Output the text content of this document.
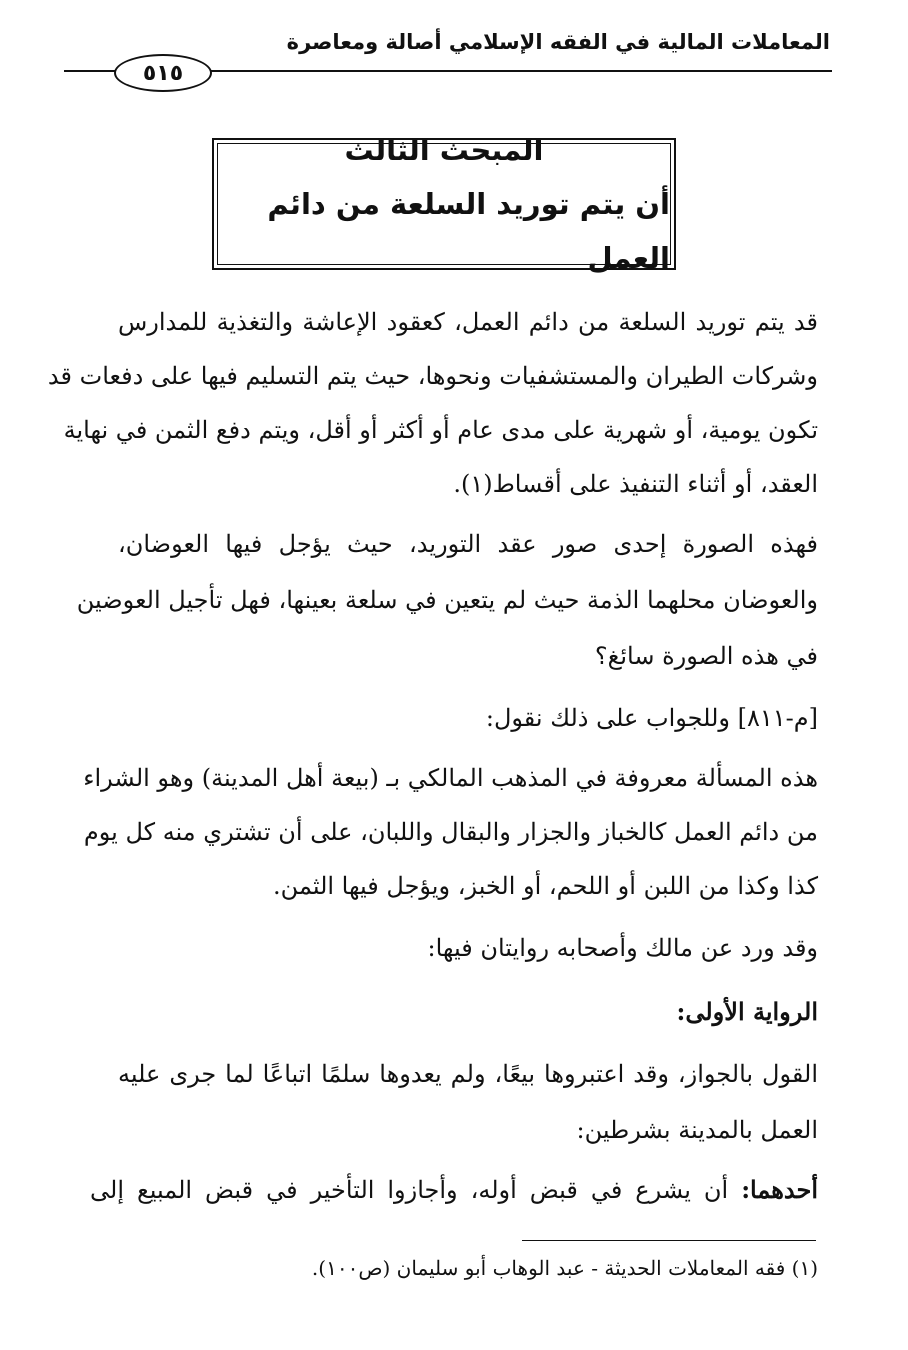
المعاملات المالية في الفقه الإسلامي أصالة ومعاصرة
٥١٥
المبحث الثالث
أن يتم توريد السلعة من دائم العمل
قد يتم توريد السلعة من دائم العمل، كعقود الإعاشة والتغذية للمدارس
وشركات الطيران والمستشفيات ونحوها، حيث يتم التسليم فيها على دفعات قد
تكون يومية، أو شهرية على مدى عام أو أكثر أو أقل، ويتم دفع الثمن في نهاية
العقد، أو أثناء التنفيذ على أقساط(١).
فهذه الصورة إحدى صور عقد التوريد، حيث يؤجل فيها العوضان،
والعوضان محلهما الذمة حيث لم يتعين في سلعة بعينها، فهل تأجيل العوضين
في هذه الصورة سائغ؟
[م-٨١١] وللجواب على ذلك نقول:
هذه المسألة معروفة في المذهب المالكي بـ (بيعة أهل المدينة) وهو الشراء
من دائم العمل كالخباز والجزار والبقال واللبان، على أن تشتري منه كل يوم
كذا وكذا من اللبن أو اللحم، أو الخبز، ويؤجل فيها الثمن.
وقد ورد عن مالك وأصحابه روايتان فيها:
الرواية الأولى:
القول بالجواز، وقد اعتبروها بيعًا، ولم يعدوها سلمًا اتباعًا لما جرى عليه
العمل بالمدينة بشرطين:
أحدهما: أن يشرع في قبض أوله، وأجازوا التأخير في قبض المبيع إلى
(١) فقه المعاملات الحديثة - عبد الوهاب أبو سليمان (ص١٠٠).
